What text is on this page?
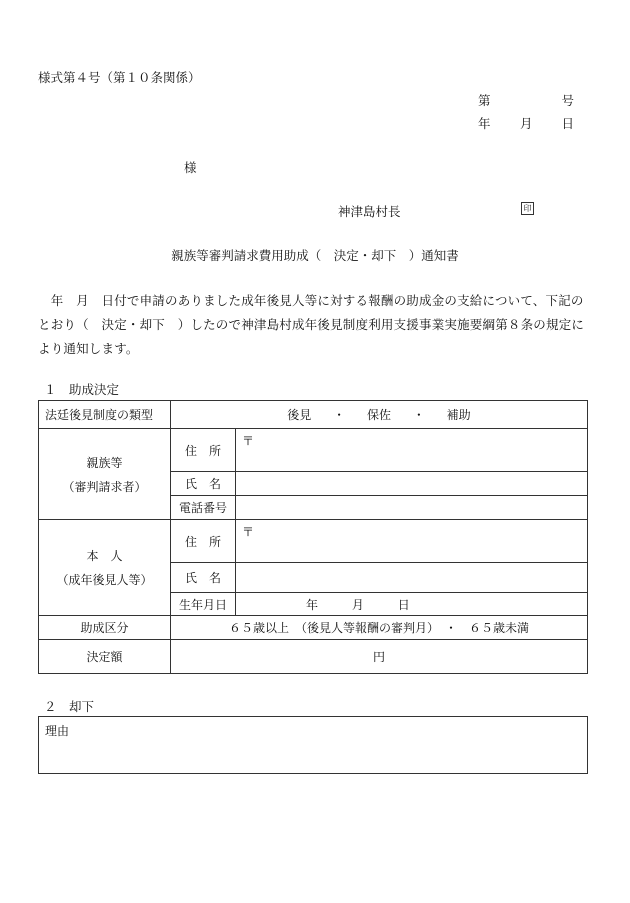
様式第４号（第１０条関係）
第	号
年 月 日
様
神津島村長	印
親族等審判請求費用助成（　決定・却下　）通知書
　年　月　日付で申請のありました成年後見人等に対する報酬の助成金の支給について、下記のとおり（　決定・却下　）したので神津島村成年後見制度利用支援事業実施要綱第８条の規定により通知します。
１　助成決定
法廷後見制度の類型	後見 ・ 保佐 ・ 補助	

親族等
（審判請求者）	住　所	〒
	氏　名	
	電話番号	

本　人
（成年後見人等）	住　所	〒
	氏　名	
	生年月日	年 月 日
助成区分	６５歳以上　（後見人等報酬の審判月）　・　６５歳未満	
決定額	円	
２　却下
理由
